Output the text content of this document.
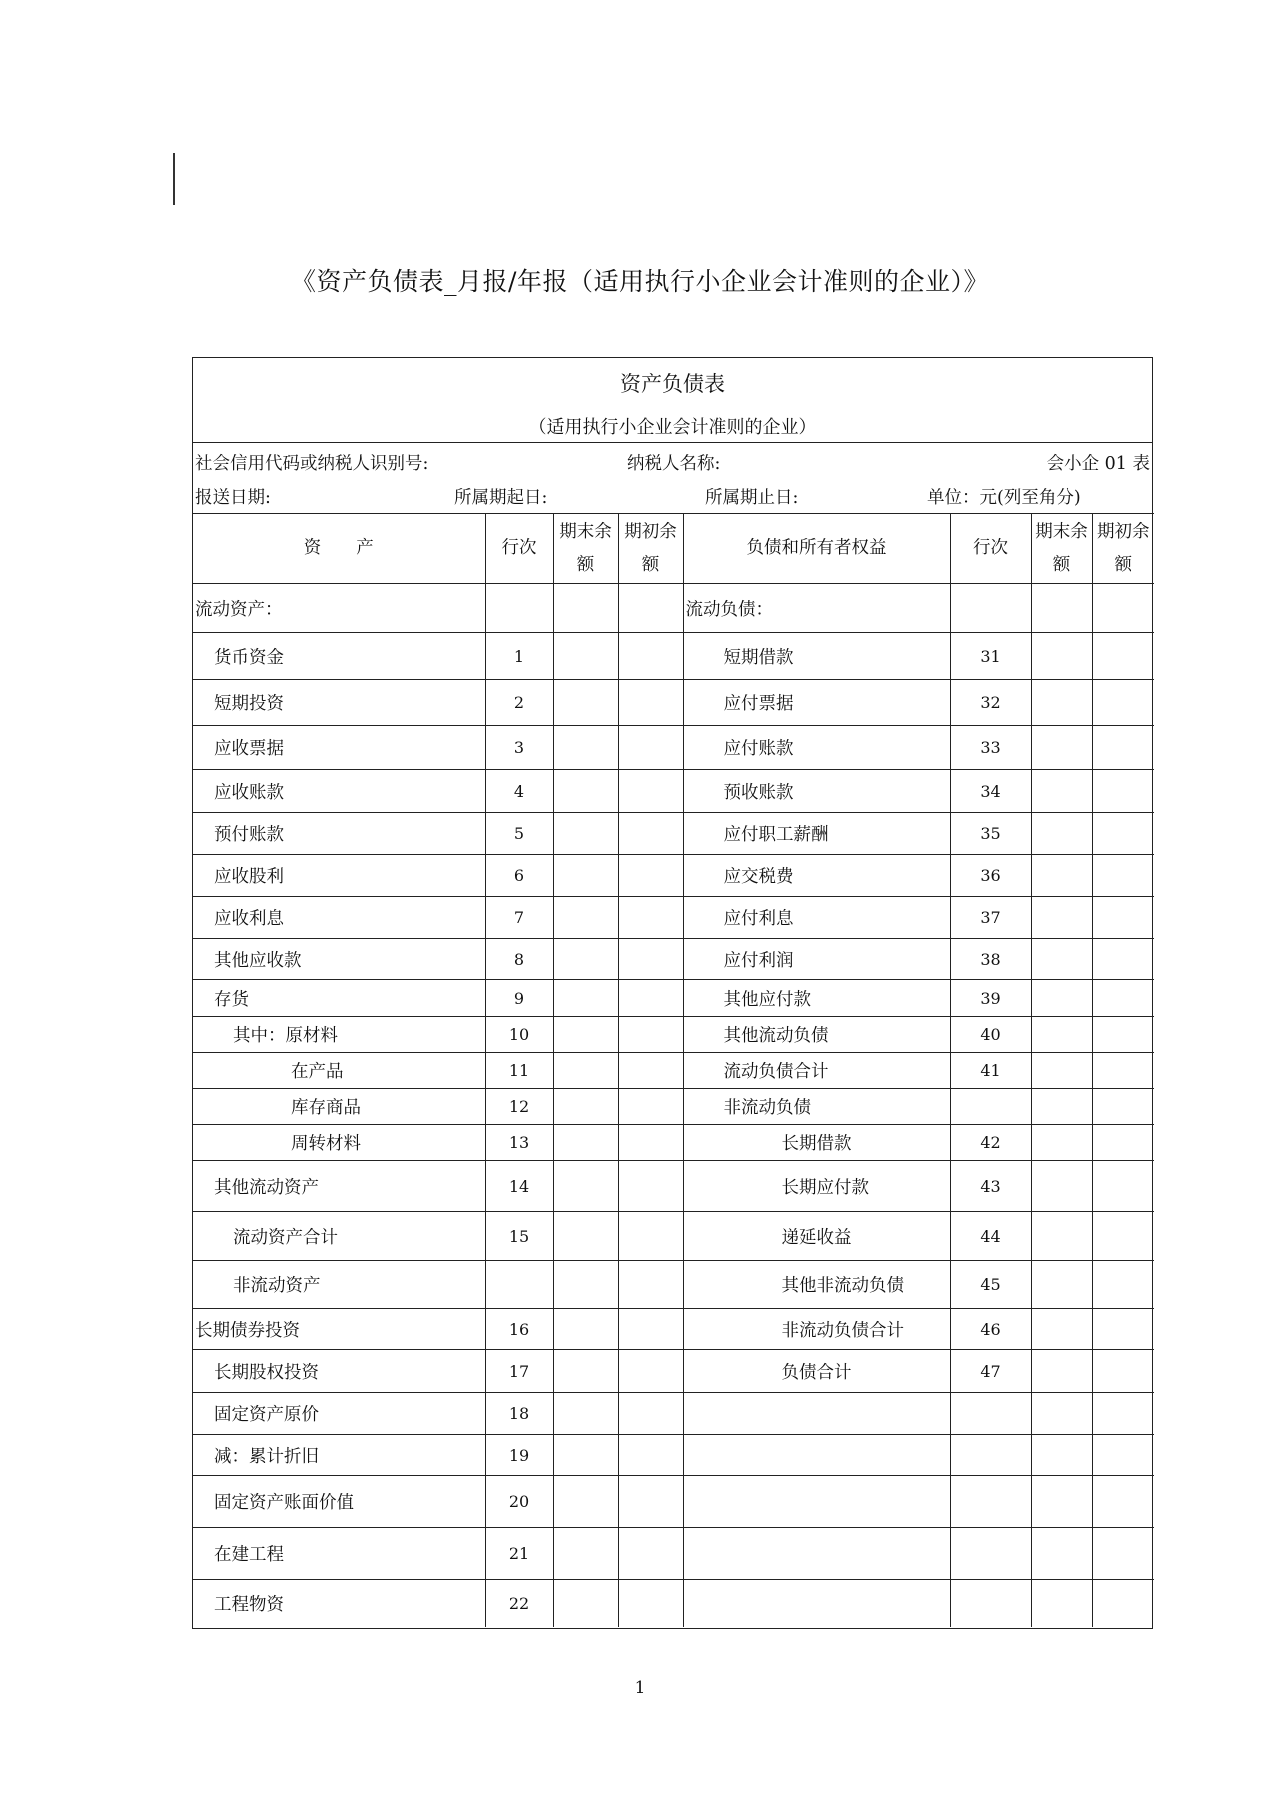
《资产负债表_月报/年报（适用执行小企业会计准则的企业）》
资产负债表
（适用执行小企业会计准则的企业）
社会信用代码或纳税人识别号:	纳税人名称:	会小企 01 表
报送日期:	所属期起日:	所属期止日:	单位：元(列至角分)
资　　产	行次	期末余额	期初余额	负债和所有者权益	行次	期末余额	期初余额
流动资产：				流动负债：			
货币资金	1			短期借款	31		
短期投资	2			应付票据	32		
应收票据	3			应付账款	33		
应收账款	4			预收账款	34		
预付账款	5			应付职工薪酬	35		
应收股利	6			应交税费	36		
应收利息	7			应付利息	37		
其他应收款	8			应付利润	38		
存货	9			其他应付款	39		
其中：原材料	10			其他流动负债	40		
在产品	11			流动负债合计	41		
库存商品	12			非流动负债			
周转材料	13			长期借款	42		
其他流动资产	14			长期应付款	43		
流动资产合计	15			递延收益	44		
非流动资产				其他非流动负债	45		
长期债券投资	16			非流动负债合计	46		
长期股权投资	17			负债合计	47		
固定资产原价	18						
减：累计折旧	19						
固定资产账面价值	20						
在建工程	21						
工程物资	22						
1
